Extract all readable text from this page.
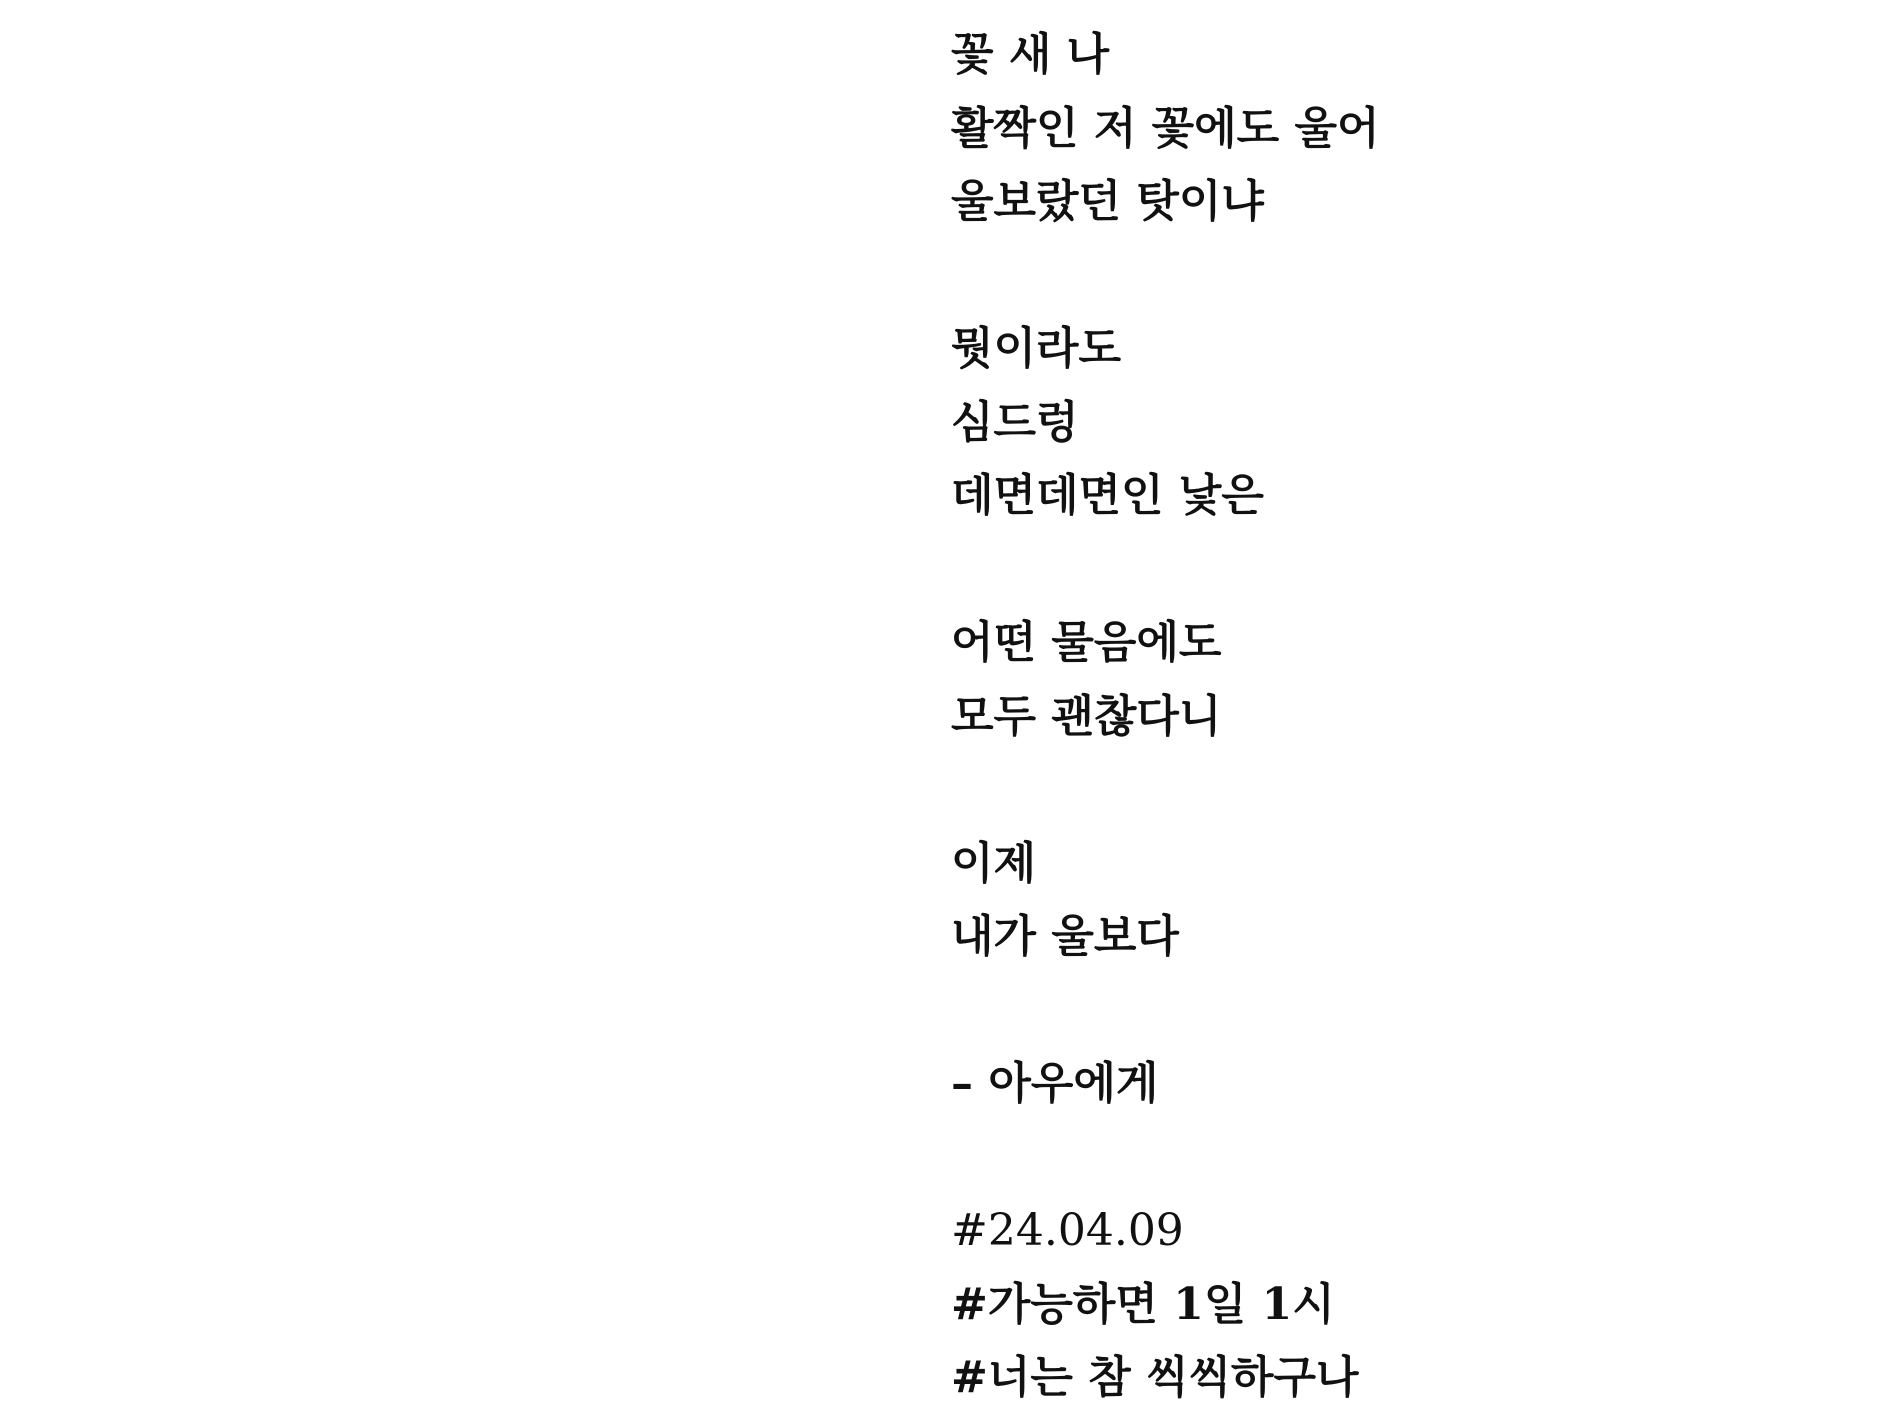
꽃 새 나
활짝인 저 꽃에도 울어
울보랐던 탓이냐
뭣이라도
심드렁
데면데면인 낯은
어떤 물음에도
모두 괜찮다니
이제
내가 울보다
– 아우에게
#24.04.09
#가능하면 1일 1시
#너는 참 씩씩하구나
